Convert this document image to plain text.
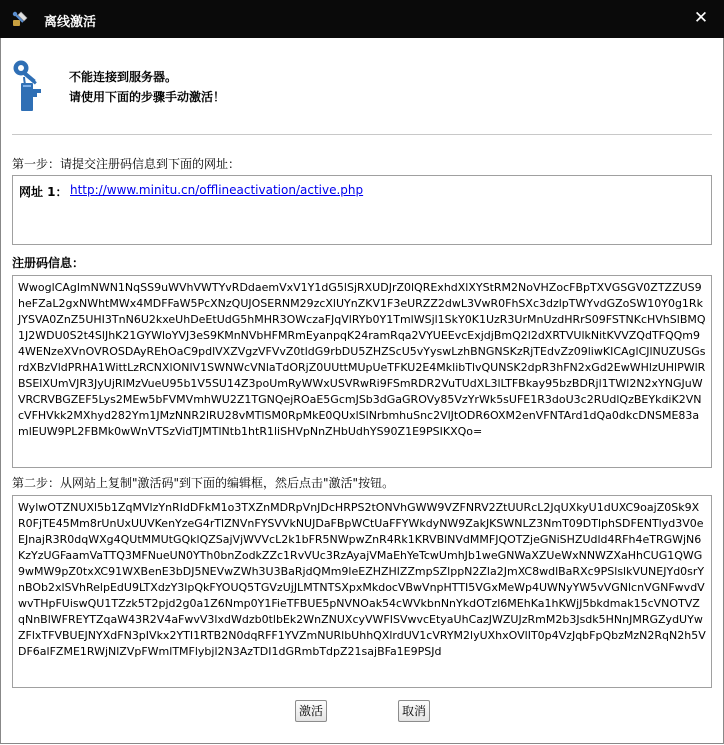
离线激活	✕
不能连接到服务器。
请使用下面的步骤手动激活！
第一步：请提交注册码信息到下面的网址：
网址 1： http://www.minitu.cn/offlineactivation/active.php
注册码信息：
WwoglCAglmNWN1NqSS9uWVhVWTYvRDdaemVxV1Y1dG5lSjRXUDJrZ0lQRExhdXlXYStRM2NoVHZocFBpTXVGSGV0ZTZZUS9heFZaL2gxNWhtMWx4MDFFaW5PcXNzQUJOSERNM29zcXlUYnZKV1F3eURZZ2dwL3VwR0FhSXc3dzlpTWYvdGZoSW10Y0g1RkJYSVA0ZnZ5UHI3TnN6U2kxeUhDeEtUdG5hMHR3OWczaFJqVlRYb0Y1TmlWSjl1SkY0K1UzR3UrMnUzdHRrS09FSTNKcHVhSlBMQ1J2WDU0S2t4SlJhK21GYWloYVJ3eS9KMnNVbHFMRmEyanpqK24ramRqa2VYUEEvcExjdjBmQ2l2dXRTVUlkNitKVVZQdTFQQm94WENzeXVnOVROSDAyREhOaC9pdlVXZVgzVFVvZ0tldG9rbDU5ZHZScU5vYyswLzhBNGNSKzRjTEdvZz09liwKICAglCJlNUZUSGsrdXBzVldPRHA1WittLzRCNXlONlV1SWNWcVNlaTdORjZ0UUttMUpUeTFKU2E4MklibTlvQUNSK2dpR3hFN2xGd2EwWHlzUHlPWlRBSElXUmVJR3JyUjRlMzVueU95b1V5SU14Z3poUmRyWWxUSVRwRi9FSmRDR2VuTUdXL3lLTFBkay95bzBDRjl1TWl2N2xYNGJuWVRCRVBGZEF5Lys2MEw5bFVMVmhWU2Z1TGNQejROaE5GcmJSb3dGaGROVy85VzYrWk5sUFE1R3doU3c2RUdlQzBEYkdiK2VNcVFHVkk2MXhyd282Ym1JMzNNR2lRU28vMTlSM0RpMkE0QUxlSlNrbmhuSnc2VlJtODR6OXM2enVFNTArd1dQa0dkcDNSME83amlEUW9PL2FBMk0wWnVTSzVidTJMTlNtb1htR1liSHVpNnZHbUdhYS90Z1E9PSIKXQo=
第二步：从网站上复制"激活码"到下面的编辑框，然后点击"激活"按钮。
WylwOTZNUXl5b1ZqMVlzYnRIdDFkM1o3TXZnMDRpVnJDcHRPS2tONVhGWW9VZFNRV2ZtUURcL2JqUXkyU1dUXC9oajZ0Sk9XR0FjTE45Mm8rUnUxUUVKenYzeG4rTlZNVnFYSVVkNUJDaFBpWCtUaFFYWkdyNW9ZakJKSWNLZ3NmT09DTlphSDFENTlyd3V0eEJnajR3R0dqWXg4QUtMMUtGQklQZSajVjWVVcL2k1bFR5NWpwZnR4Rk1KRVBlNVdMMFJQOTZjeGNiSHZUdld4RFh4eTRGWjN6KzYzUGFaamVaTTQ3MFNueUN0YTh0bnZodkZZc1RvVUc3RzAyajVMaEhYeTcwUmhJb1weGNWaXZUeWxNNWZXaHhCUG1QWG9wMW9pZ0txXC91WXBenE3bDJ5NEVwZWh3U3BaRjdQMm9leEZHZHlZZmpSZlppN2Zla2JmXC8wdlBaRXc9PSlslkVUNEJYd0srYnBOb2xlSVhRelpEdU9LTXdzY3lpQkFYOUQ5TGVzUjJLMTNTSXpxMkdocVBwVnpHTTI5VGxMeWp4UWNyYW5vVGNlcnVGNFwvdVwvTHpFUiswQU1TZzk5T2pjd2g0a1Z6Nmp0Y1FieTFBUE5pNVNOak54cWVkbnNnYkdOTzl6MEhKa1hKWjJ5bkdmak15cVNOTVZqNnBlWFREYTZqaW43R2V4aFwvV3lxdWdzb0tlbEk2WnZNUXcyVWFISVwvcEtyaUhCazJWZUJzRmM2b3Jsdk5HNnJMRGZydUYwZFlxTFVBUEJNYXdFN3pIVkx2YTI1RTB2N0dqRFF1YVZmNURlbUhhQXlrdUV1cVRYM2lyUXhxOVlIT0p4VzJqbFpQbzMzN2RqN2h5VDF6alFZME1RWjNlZVpFWmlTMFlybjl2N3AzTDI1dGRmbTdpZ21sajBFa1E9PSJd
激活	取消
